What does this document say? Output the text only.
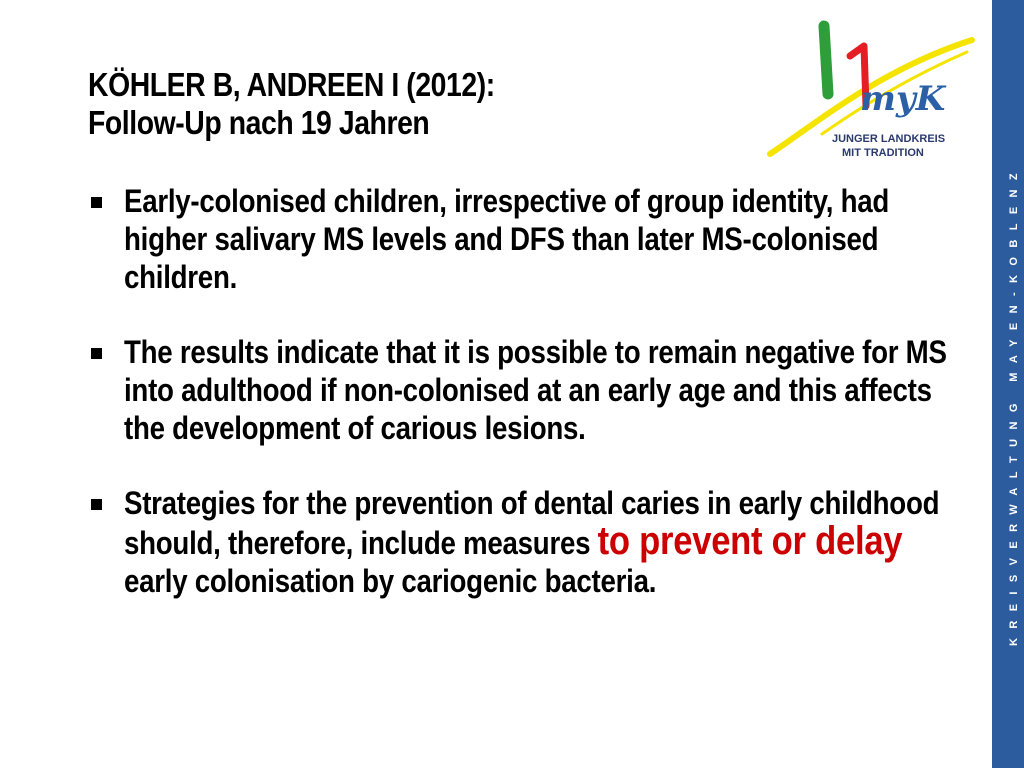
KÖHLER B, ANDREEN I (2012):
Follow-Up nach 19 Jahren
Early-colonised children, irrespective of group identity, had higher salivary MS levels and DFS than later MS-colonised children.
The results indicate that it is possible to remain negative for MS into adulthood if non-colonised at an early age and this affects the development of carious lesions.
Strategies for the prevention of dental caries in early childhood should, therefore, include measures to prevent or delay early colonisation by cariogenic bacteria.
myK
JUNGER LANDKREIS
MIT TRADITION
KREISVERWALTUNG MAYEN-KOBLENZ
